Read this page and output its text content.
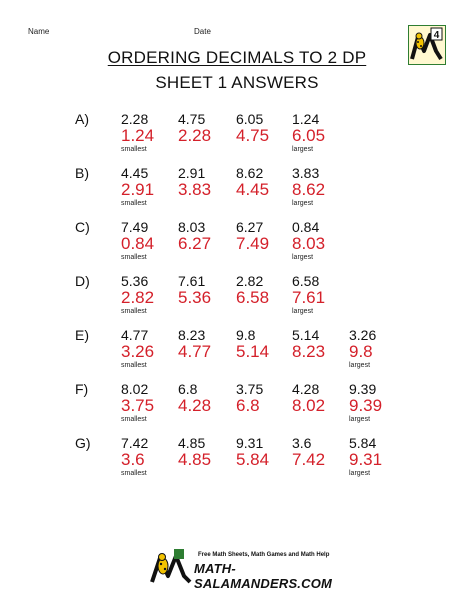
Name	Date	4
ORDERING DECIMALS TO 2 DP
SHEET 1 ANSWERS
A) 2.28 4.75 6.05 1.24
1.24 2.28 4.75 6.05
smallest	largest
B) 4.45 2.91 8.62 3.83
2.91 3.83 4.45 8.62
smallest	largest
C) 7.49 8.03 6.27 0.84
0.84 6.27 7.49 8.03
smallest	largest
D) 5.36 7.61 2.82 6.58
2.82 5.36 6.58 7.61
smallest	largest
E) 4.77 8.23 9.8	5.14 3.26
3.26 4.77 5.14 8.23 9.8
smallest	largest
F) 8.02 6.8	3.75 4.28 9.39
3.75 4.28 6.8 8.02 9.39
smallest	largest
G) 7.42 4.85 9.31 3.6	5.84
3.6 4.85 5.84 7.42 9.31
smallest	largest
Free Math Sheets, Math Games and Math Help
MATH-SALAMANDERS.COM
